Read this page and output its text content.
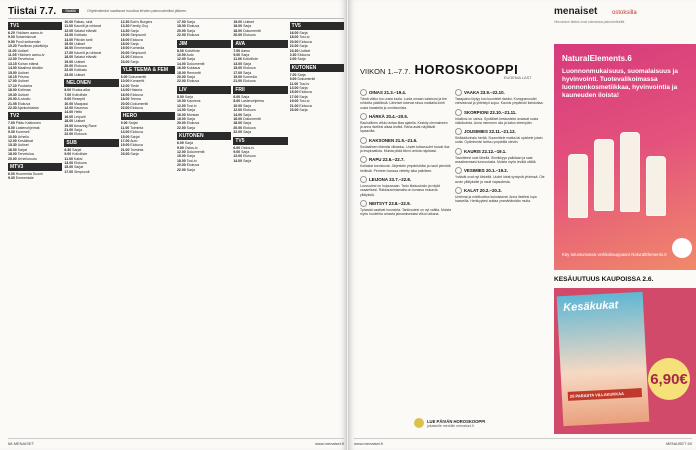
Tiistai 7.7.	Sisältö	Ohjelmatiedot saattavat muuttua lehden painovalmiiksi jälkeen.
TV1

6.20 Ykkösen aamu-tv

9.00 Sotaelokuvat

9.50 Puoli seitsemän

10.20 Pauliinan päiväkirja

11.00 Uutiset

11.05 Ykkösen aamu-tv

12.00 Tervetuloa

13.15 Koiran elämä

14.00 Maailma tänään

15.00 Uutiset

16.15 Prisma

17.00 Uutiset

17.10 Puutarha

18.00 Kotimaa

19.30 Uutiset

20.00 A-studio

21.05 Elokuva

22.30 Ajankohtaista

TV2

7.00 Pikku Kakkonen

8.00 Lastenohjelmat

9.30 Kummeli

10.00 Urheilu

12.00 Kesäkisat

15.30 Uutiset

16.00 Sarjat

18.00 Tervetuloa

20.00 Urheiluruutu

MTV3

6.00 Huomenta Suomi

9.30 Emmerdale

10.00 Rakas, sinä

11.00 Kauniit ja rohkeat

12.00 Salatut elämät

13.00 Kotikatu

14.00 Päivän tunti

15.00 Uutiset

16.00 Emmerdale

17.00 Kauniit ja rohkeat

18.00 Salatut elämät

19.00 Uutiset

20.00 Elokuva

22.00 Kotikatu

23.00 Uutiset

NELONEN

6.00 Ruoka-aika

7.00 Kotiviihde

9.00 Reseptit

10.00 Maajussi

12.00 Kauneus

14.00 Hetki

16.00 Leipurit

18.00 Uutiset

19.00 Amazing Race

21.00 Sarja

22.00 Elokuva

SUB

6.30 Sarjat

9.00 Kotiviihde

11.00 Kaksi

13.00 Elokuva

15.00 Sarjat

17.00 Simpsonit

12.30 Bob's Burgers

13.30 Family Guy

14.30 Sarja

15.00 Simpsonit

16.00 Elokuva

18.00 Sarja

19.00 Komedia

20.00 Simpsonit

21.00 Elokuva

23.00 Sarja

YLE TEEMA & FEM

8.00 Dokumentti

10.00 Konsertti

12.00 Tiede

14.00 Historia

16.00 Elokuva

18.00 Teema

20.00 Dokumentti

22.00 Elokuva

HERO

9.00 Sarjat

11.00 Toiminta

13.00 Elokuva

15.00 Sarjat

17.00 Auto

19.00 Elokuva

21.00 Toiminta

23.00 Sarja

17.00 Sarja

18.00 Elokuva

20.00 Sarja

22.00 Elokuva

JIM

8.00 Kotiviihde

10.00 Auto

12.00 Sarja

14.00 Dokumentti

16.00 Kokkaus

18.00 Remontti

20.00 Sarja

22.00 Elokuva

LIV

8.00 Sarja

10.00 Kauneus

12.00 Tosi-tv

14.00 Sarja

16.00 Morsian

18.00 Sarja

20.00 Elokuva

22.00 Sarja

KUTONEN

6.00 Sarja

9.00 Ostos-tv

12.00 Dokumentti

15.00 Sarja

18.00 Tosi-tv

20.00 Elokuva

22.00 Sarja

15.00 Uutiset

16.00 Sarja

18.00 Dokumentti

20.00 Elokuva

AVA

7.00 Aamu

9.00 Sarja

11.00 Kotiviihde

13.00 Sarja

15.00 Elokuva

17.00 Sarja

19.00 Komedia

21.00 Elokuva

FRII

6.00 Sarja

8.00 Lastenohjelma

10.00 Sarja

12.00 Elokuva

14.00 Sarja

16.00 Dokumentti

18.00 Sarja

20.00 Elokuva

22.00 Sarja

TV5

6.00 Ostos-tv

9.00 Sarja

12.00 Elokuva

14.00 Sarja

TV5

16.00 Sarja

18.00 Tosi-tv

20.00 Elokuva

22.00 Sarja

23.30 Uutiset

0.30 Elokuva

2.00 Sarja

KUTONEN

7.00 Sarja

9.00 Dokumentti

11.00 Tosi-tv

13.00 Sarja

15.00 Elokuva

17.00 Sarja

19.00 Tosi-tv

21.00 Elokuva

23.00 Sarja

68 MENAISET	www.menaiset.fi
VIIKON 1.–7.7. HOROSKOOPPI
EUGENIA LAST
OINAS 21.3.–19.4.

Tämä viikko tuo uusia tuulia. Luota omaan vaistoosi ja tee rohkeita päätöksiä. Läheiset tukevat sinua matkalla kohti uusia haasteita ja onnistumisia.

HÄRKÄ 20.4.–20.5.

Rauhallinen viikko antaa tilaa ajatella. Keskity olennaiseen ja anna itsellesi aikaa levätä. Raha-asiat näyttävät lupaavilta.

KAKSONEN 21.5.–21.6.

Sosiaalinen elämäsi vilkastuu. Uudet tuttavuudet tuovat iloa ja inspiraatiota. Muista pitää kiinni omista rajoistasi.

RAPU 22.6.–22.7.

Kotiasiat korostuvat. Järjestele ympäristöäsi ja nauti pienistä hetkistä. Perheen kanssa vietetty aika palkitsee.

LEIJONA 23.7.–22.8.

Luovuutesi on huipussaan. Tartu tilaisuuksiin ja näytä osaamisesi. Rakkausrintamalla on luvassa mukavia yllätyksiä.

NEITSYT 23.8.–22.9.

Työasiat vaativat huomiota. Tarkkuutesi on nyt valttia. Muista myös huolehtia omasta jaksamisestasi viikon aikana.

VAAKA 23.9.–22.10.

Tasapaino löytyy kun kuuntelet itseäsi. Kumppanuudet vahvistuvat ja yhteistyö sujuu. Kaunis ympäristö ilahduttaa.

SKORPIONI 23.10.–21.11.

Intuitiosi on vahva. Syvälliset keskustelut avaavat uusia näkökulmia. Anna menneen olla ja katso eteenpäin.

JOUSIMIES 22.11.–21.12.

Seikkailunhalu herää. Suunnittele matka tai opiskele jotain uutta. Optimismisi tarttuu ympärillä oleviin.

KAURIS 22.12.–19.1.

Tavoitteesi ovat lähellä. Sinnikkyys palkitaan ja saat ansaitsemaasi tunnustusta. Muista myös levätä välillä.

VESIMIES 20.1.–19.2.

Ystävät ovat nyt tärkeitä. Uudet ideat syntyvät yhdessä. Ole avoin yllätyksille ja nauti vapaudesta.

KALAT 20.2.–20.3.

Unelmat ja mielikuvitus kukoistavat. Anna itsellesi lupa haaveilla. Herkkyytesi auttaa ymmärtämään muita.

LUE PÄIVÄN HOROSKOOPPI
jokaiselle merkille menaiset.fi
menaiset ostoksilla
Hinnaston tiedot ovat voimassa painohetkellä.
NaturalElements.6
Luonnonmukaisuus, suomalaisuus ja hyvinvointi. Tuotevalikoimassa luonnonkosmetiikkaa, hyvinvointia ja kauneuden iloista!
Käy tutustumassa verkkokauppaan! NaturalElements.6
KESÄUUTUUS KAUPOISSA 2.6.
Kesäkukat
25 PARASTA VILLAKUKKAA
6,90€
www.menaiset.fi	MENAISET 69
